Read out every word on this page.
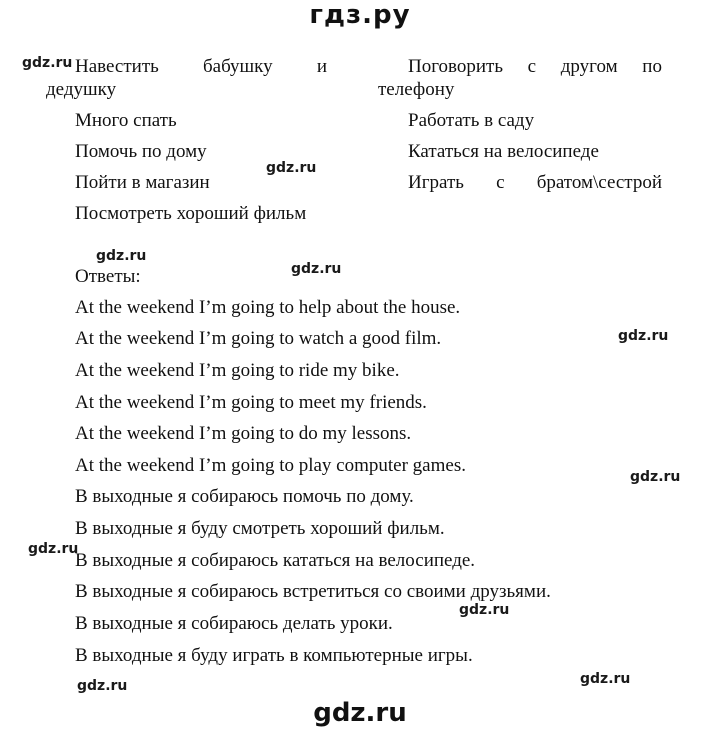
гдз.ру
gdz.ru
gdz.ru
gdz.ru
gdz.ru
gdz.ru
gdz.ru
gdz.ru
gdz.ru
gdz.ru	gdz.ru
Навестить бабушку и
дедушку
Много спать
Помочь по дому
Пойти в магазин
Посмотреть хороший фильм
Поговорить с другом по
телефону
Работать в саду
Кататься на велосипеде
Играть с братом\сестрой
Ответы:
At the weekend I’m going to help about the house.
At the weekend I’m going to watch a good film.
At the weekend I’m going to ride my bike.
At the weekend I’m going to meet my friends.
At the weekend I’m going to do my lessons.
At the weekend I’m going to play computer games.
В выходные я собираюсь помочь по дому.
В выходные я буду смотреть хороший фильм.
В выходные я собираюсь кататься на велосипеде.
В выходные я собираюсь встретиться со своими друзьями.
В выходные я собираюсь делать уроки.
В выходные я буду играть в компьютерные игры.
gdz.ru
